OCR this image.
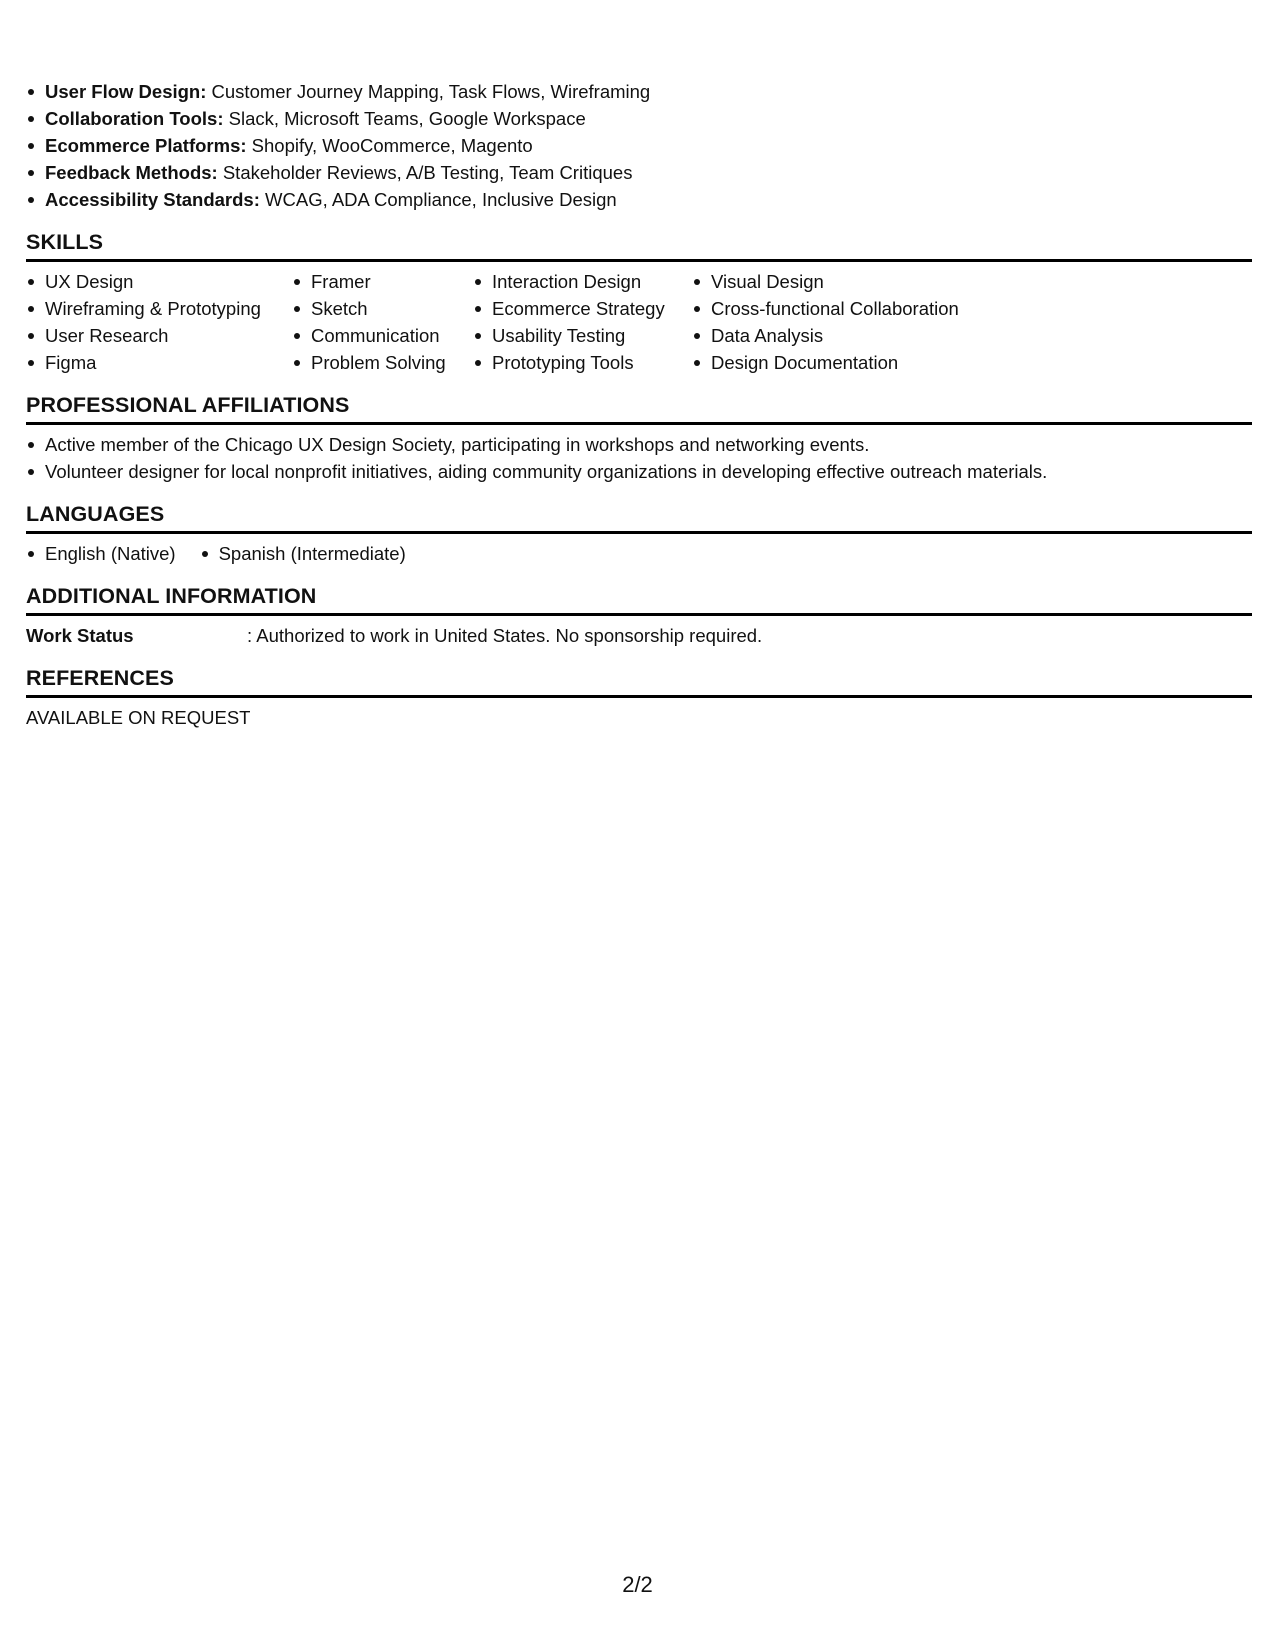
User Flow Design: Customer Journey Mapping, Task Flows, Wireframing
Collaboration Tools: Slack, Microsoft Teams, Google Workspace
Ecommerce Platforms: Shopify, WooCommerce, Magento
Feedback Methods: Stakeholder Reviews, A/B Testing, Team Critiques
Accessibility Standards: WCAG, ADA Compliance, Inclusive Design
SKILLS
UX Design
Wireframing & Prototyping
User Research
Figma
Framer
Sketch
Communication
Problem Solving
Interaction Design
Ecommerce Strategy
Usability Testing
Prototyping Tools
Visual Design
Cross-functional Collaboration
Data Analysis
Design Documentation
PROFESSIONAL AFFILIATIONS
Active member of the Chicago UX Design Society, participating in workshops and networking events.
Volunteer designer for local nonprofit initiatives, aiding community organizations in developing effective outreach materials.
LANGUAGES
English (Native)	Spanish (Intermediate)
ADDITIONAL INFORMATION
Work Status	: Authorized to work in United States. No sponsorship required.
REFERENCES
AVAILABLE ON REQUEST
2/2
